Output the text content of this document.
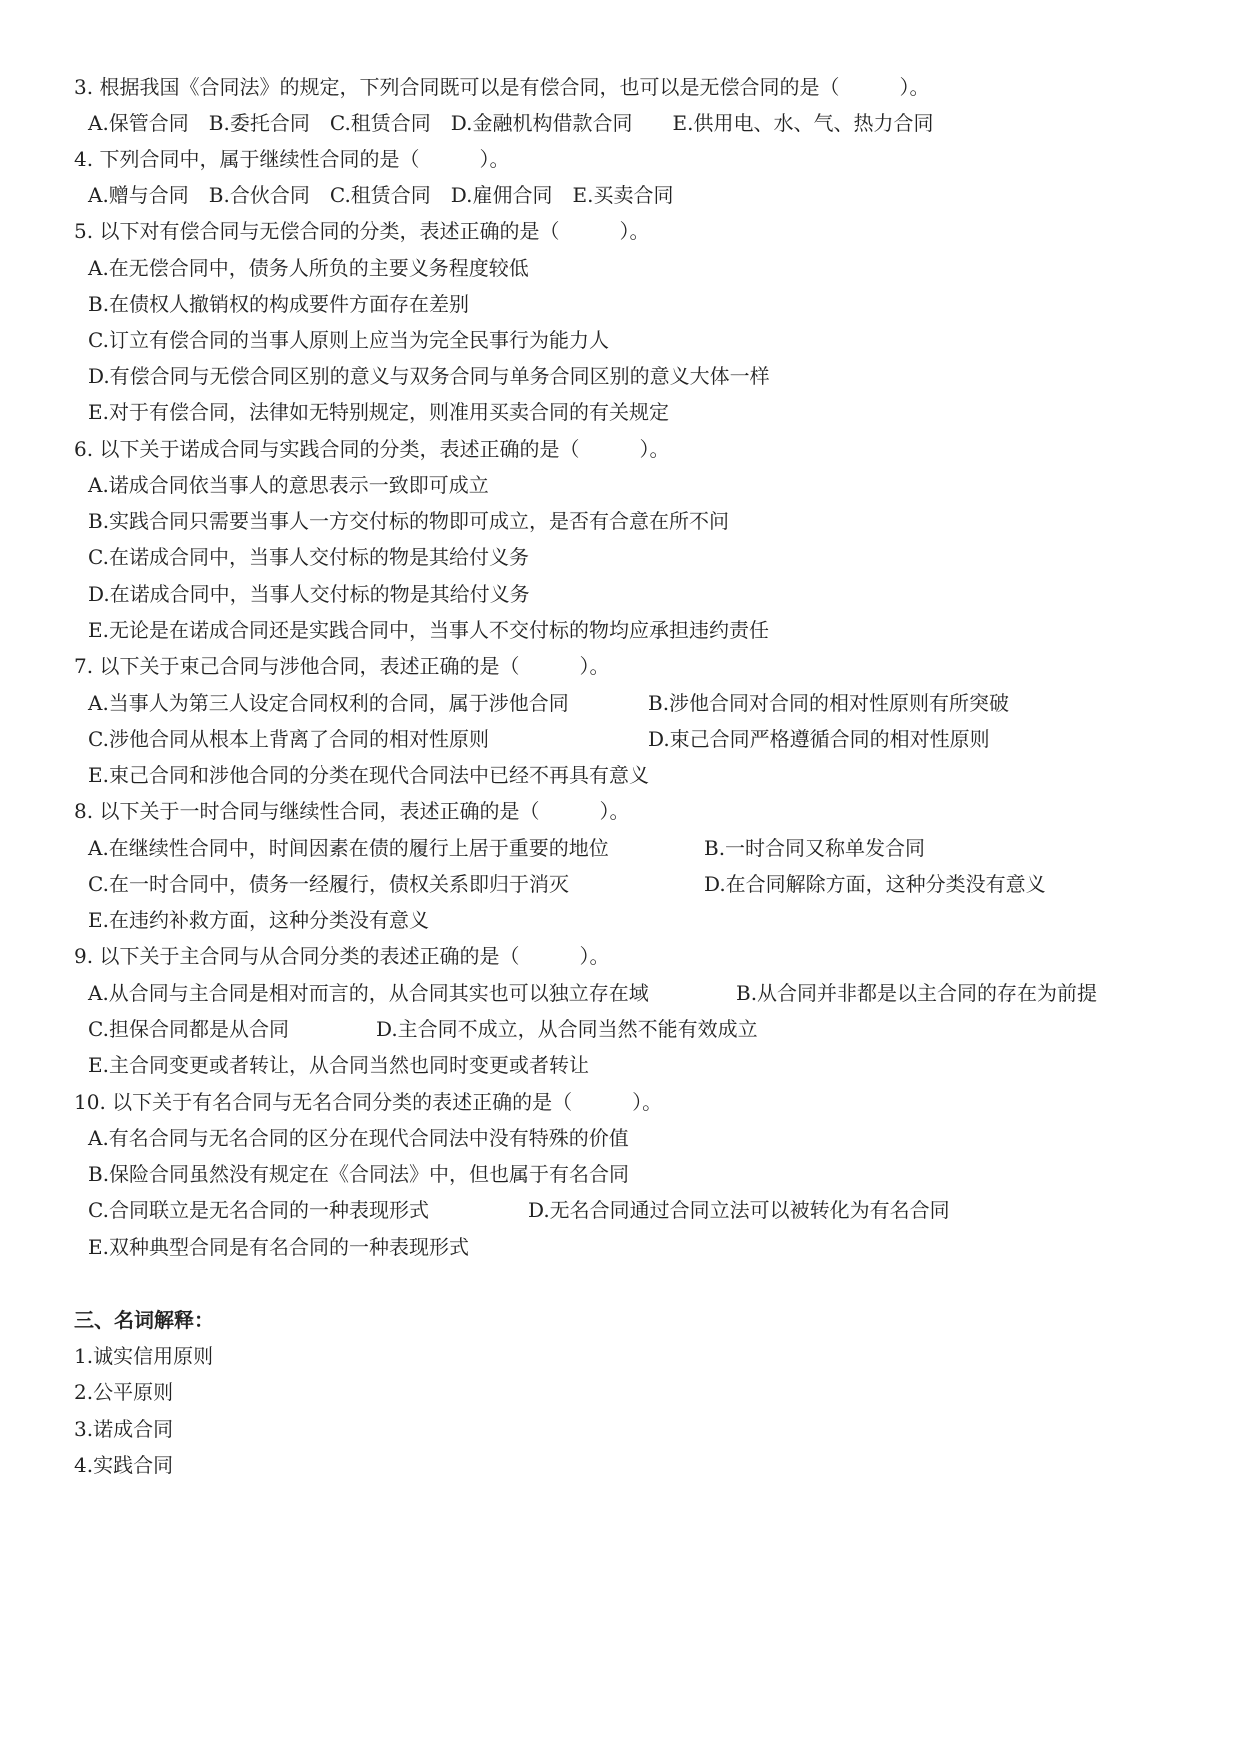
3. 根据我国《合同法》的规定，下列合同既可以是有偿合同，也可以是无偿合同的是（　　　）。
A.保管合同　B.委托合同　C.租赁合同　D.金融机构借款合同　　E.供用电、水、气、热力合同
4. 下列合同中，属于继续性合同的是（　　　）。
A.赠与合同　B.合伙合同　C.租赁合同　D.雇佣合同　E.买卖合同
5. 以下对有偿合同与无偿合同的分类，表述正确的是（　　　）。
A.在无偿合同中，债务人所负的主要义务程度较低
B.在债权人撤销权的构成要件方面存在差别
C.订立有偿合同的当事人原则上应当为完全民事行为能力人
D.有偿合同与无偿合同区别的意义与双务合同与单务合同区别的意义大体一样
E.对于有偿合同，法律如无特别规定，则准用买卖合同的有关规定
6. 以下关于诺成合同与实践合同的分类，表述正确的是（　　　）。
A.诺成合同依当事人的意思表示一致即可成立
B.实践合同只需要当事人一方交付标的物即可成立，是否有合意在所不问
C.在诺成合同中，当事人交付标的物是其给付义务
D.在诺成合同中，当事人交付标的物是其给付义务
E.无论是在诺成合同还是实践合同中，当事人不交付标的物均应承担违约责任
7. 以下关于束己合同与涉他合同，表述正确的是（　　　）。
A.当事人为第三人设定合同权利的合同，属于涉他合同	B.涉他合同对合同的相对性原则有所突破
C.涉他合同从根本上背离了合同的相对性原则	D.束己合同严格遵循合同的相对性原则
E.束己合同和涉他合同的分类在现代合同法中已经不再具有意义
8. 以下关于一时合同与继续性合同，表述正确的是（　　　）。
A.在继续性合同中，时间因素在债的履行上居于重要的地位	B.一时合同又称单发合同
C.在一时合同中，债务一经履行，债权关系即归于消灭	D.在合同解除方面，这种分类没有意义
E.在违约补救方面，这种分类没有意义
9. 以下关于主合同与从合同分类的表述正确的是（　　　）。
A.从合同与主合同是相对而言的，从合同其实也可以独立存在域	B.从合同并非都是以主合同的存在为前提
C.担保合同都是从合同	D.主合同不成立，从合同当然不能有效成立
E.主合同变更或者转让，从合同当然也同时变更或者转让
10. 以下关于有名合同与无名合同分类的表述正确的是（　　　）。
A.有名合同与无名合同的区分在现代合同法中没有特殊的价值
B.保险合同虽然没有规定在《合同法》中，但也属于有名合同
C.合同联立是无名合同的一种表现形式	D.无名合同通过合同立法可以被转化为有名合同
E.双种典型合同是有名合同的一种表现形式
三、名词解释：
1.诚实信用原则
2.公平原则
3.诺成合同
4.实践合同
